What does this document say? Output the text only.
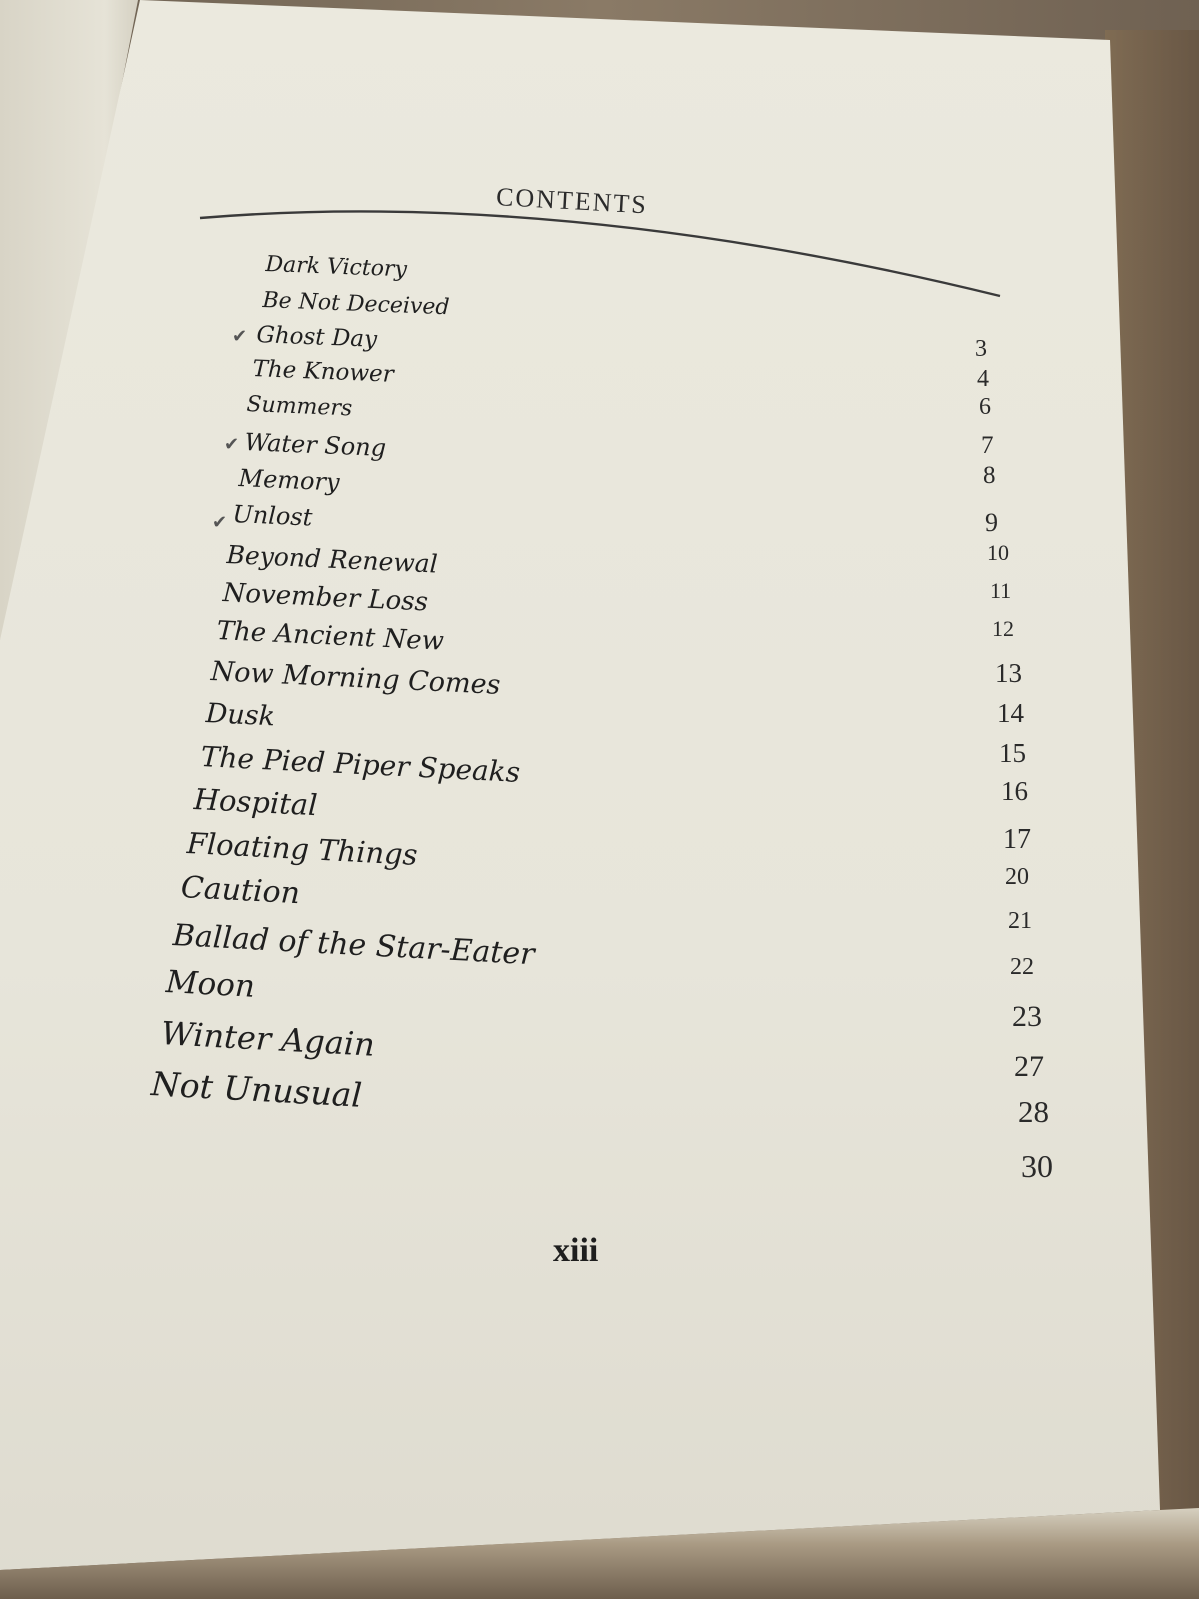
CONTENTS
✔
✔
✔
Dark Victory
3
Be Not Deceived
4
Ghost Day
6
The Knower
7
Summers
8
Water Song
9
Memory
10
Unlost
11
Beyond Renewal
12
November Loss
13
The Ancient New
14
Now Morning Comes
15
Dusk
16
The Pied Piper Speaks
17
Hospital
20
Floating Things
21
Caution
22
Ballad of the Star-Eater
23
Moon
27
Winter Again
28
Not Unusual
30
xiii
